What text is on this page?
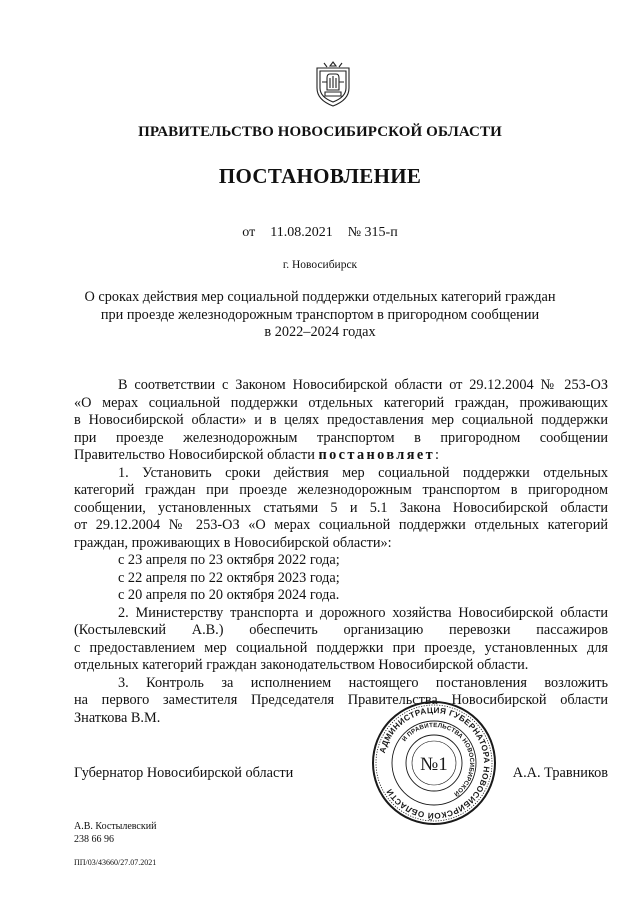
ПРАВИТЕЛЬСТВО НОВОСИБИРСКОЙ ОБЛАСТИ
ПОСТАНОВЛЕНИЕ
от 11.08.2021 № 315-п
г. Новосибирск
О сроках действия мер социальной поддержки отдельных категорий граждан
при проезде железнодорожным транспортом в пригородном сообщении
в 2022–2024 годах
В соответствии с Законом Новосибирской области от 29.12.2004 № 253-ОЗ
«О мерах социальной поддержки отдельных категорий граждан, проживающих
в Новосибирской области» и в целях предоставления мер социальной поддержки
при проезде железнодорожным транспортом в пригородном сообщении
Правительство Новосибирской области постановляет:
1. Установить сроки действия мер социальной поддержки отдельных
категорий граждан при проезде железнодорожным транспортом в пригородном
сообщении, установленных статьями 5 и 5.1 Закона Новосибирской области
от 29.12.2004 № 253-ОЗ «О мерах социальной поддержки отдельных категорий
граждан, проживающих в Новосибирской области»:
с 23 апреля по 23 октября 2022 года;
с 22 апреля по 22 октября 2023 года;
с 20 апреля по 20 октября 2024 года.
2. Министерству транспорта и дорожного хозяйства Новосибирской области
(Костылевский А.В.) обеспечить организацию перевозки пассажиров
с предоставлением мер социальной поддержки при проезде, установленных для
отдельных категорий граждан законодательством Новосибирской области.
3. Контроль за исполнением настоящего постановления возложить
на первого заместителя Председателя Правительства Новосибирской области
Знаткова В.М.
АДМИНИСТРАЦИЯ ГУБЕРНАТОРА НОВОСИБИРСКОЙ ОБЛАСТИ
И ПРАВИТЕЛЬСТВА НОВОСИБИРСКОЙ
№1
Губернатор Новосибирской области	А.А. Травников
А.В. Костылевский
238 66 96
ПП/03/43660/27.07.2021
